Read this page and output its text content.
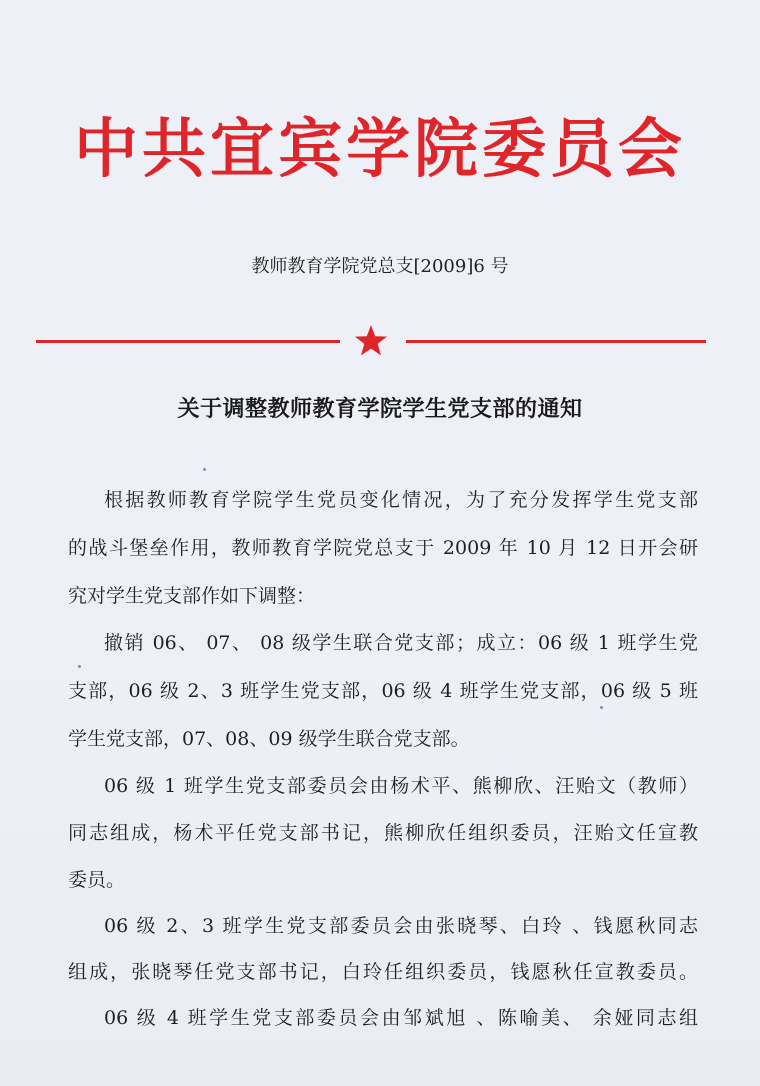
中共宜宾学院委员会
教师教育学院党总支[2009]6 号
关于调整教师教育学院学生党支部的通知
根据教师教育学院学生党员变化情况，为了充分发挥学生党支部
的战斗堡垒作用，教师教育学院党总支于 2009 年 10 月 12 日开会研
究对学生党支部作如下调整：
撤销 06、 07、 08 级学生联合党支部；成立：06 级 1 班学生党
支部，06 级 2、3 班学生党支部，06 级 4 班学生党支部，06 级 5 班
学生党支部，07、08、09 级学生联合党支部。
06 级 1 班学生党支部委员会由杨术平、熊柳欣、汪贻文（教师）
同志组成，杨术平任党支部书记，熊柳欣任组织委员，汪贻文任宣教
委员。
06 级 2、3 班学生党支部委员会由张晓琴、白玲 、钱愿秋同志
组成，张晓琴任党支部书记，白玲任组织委员，钱愿秋任宣教委员。
06 级 4 班学生党支部委员会由邹斌旭 、陈喻美、 余娅同志组
